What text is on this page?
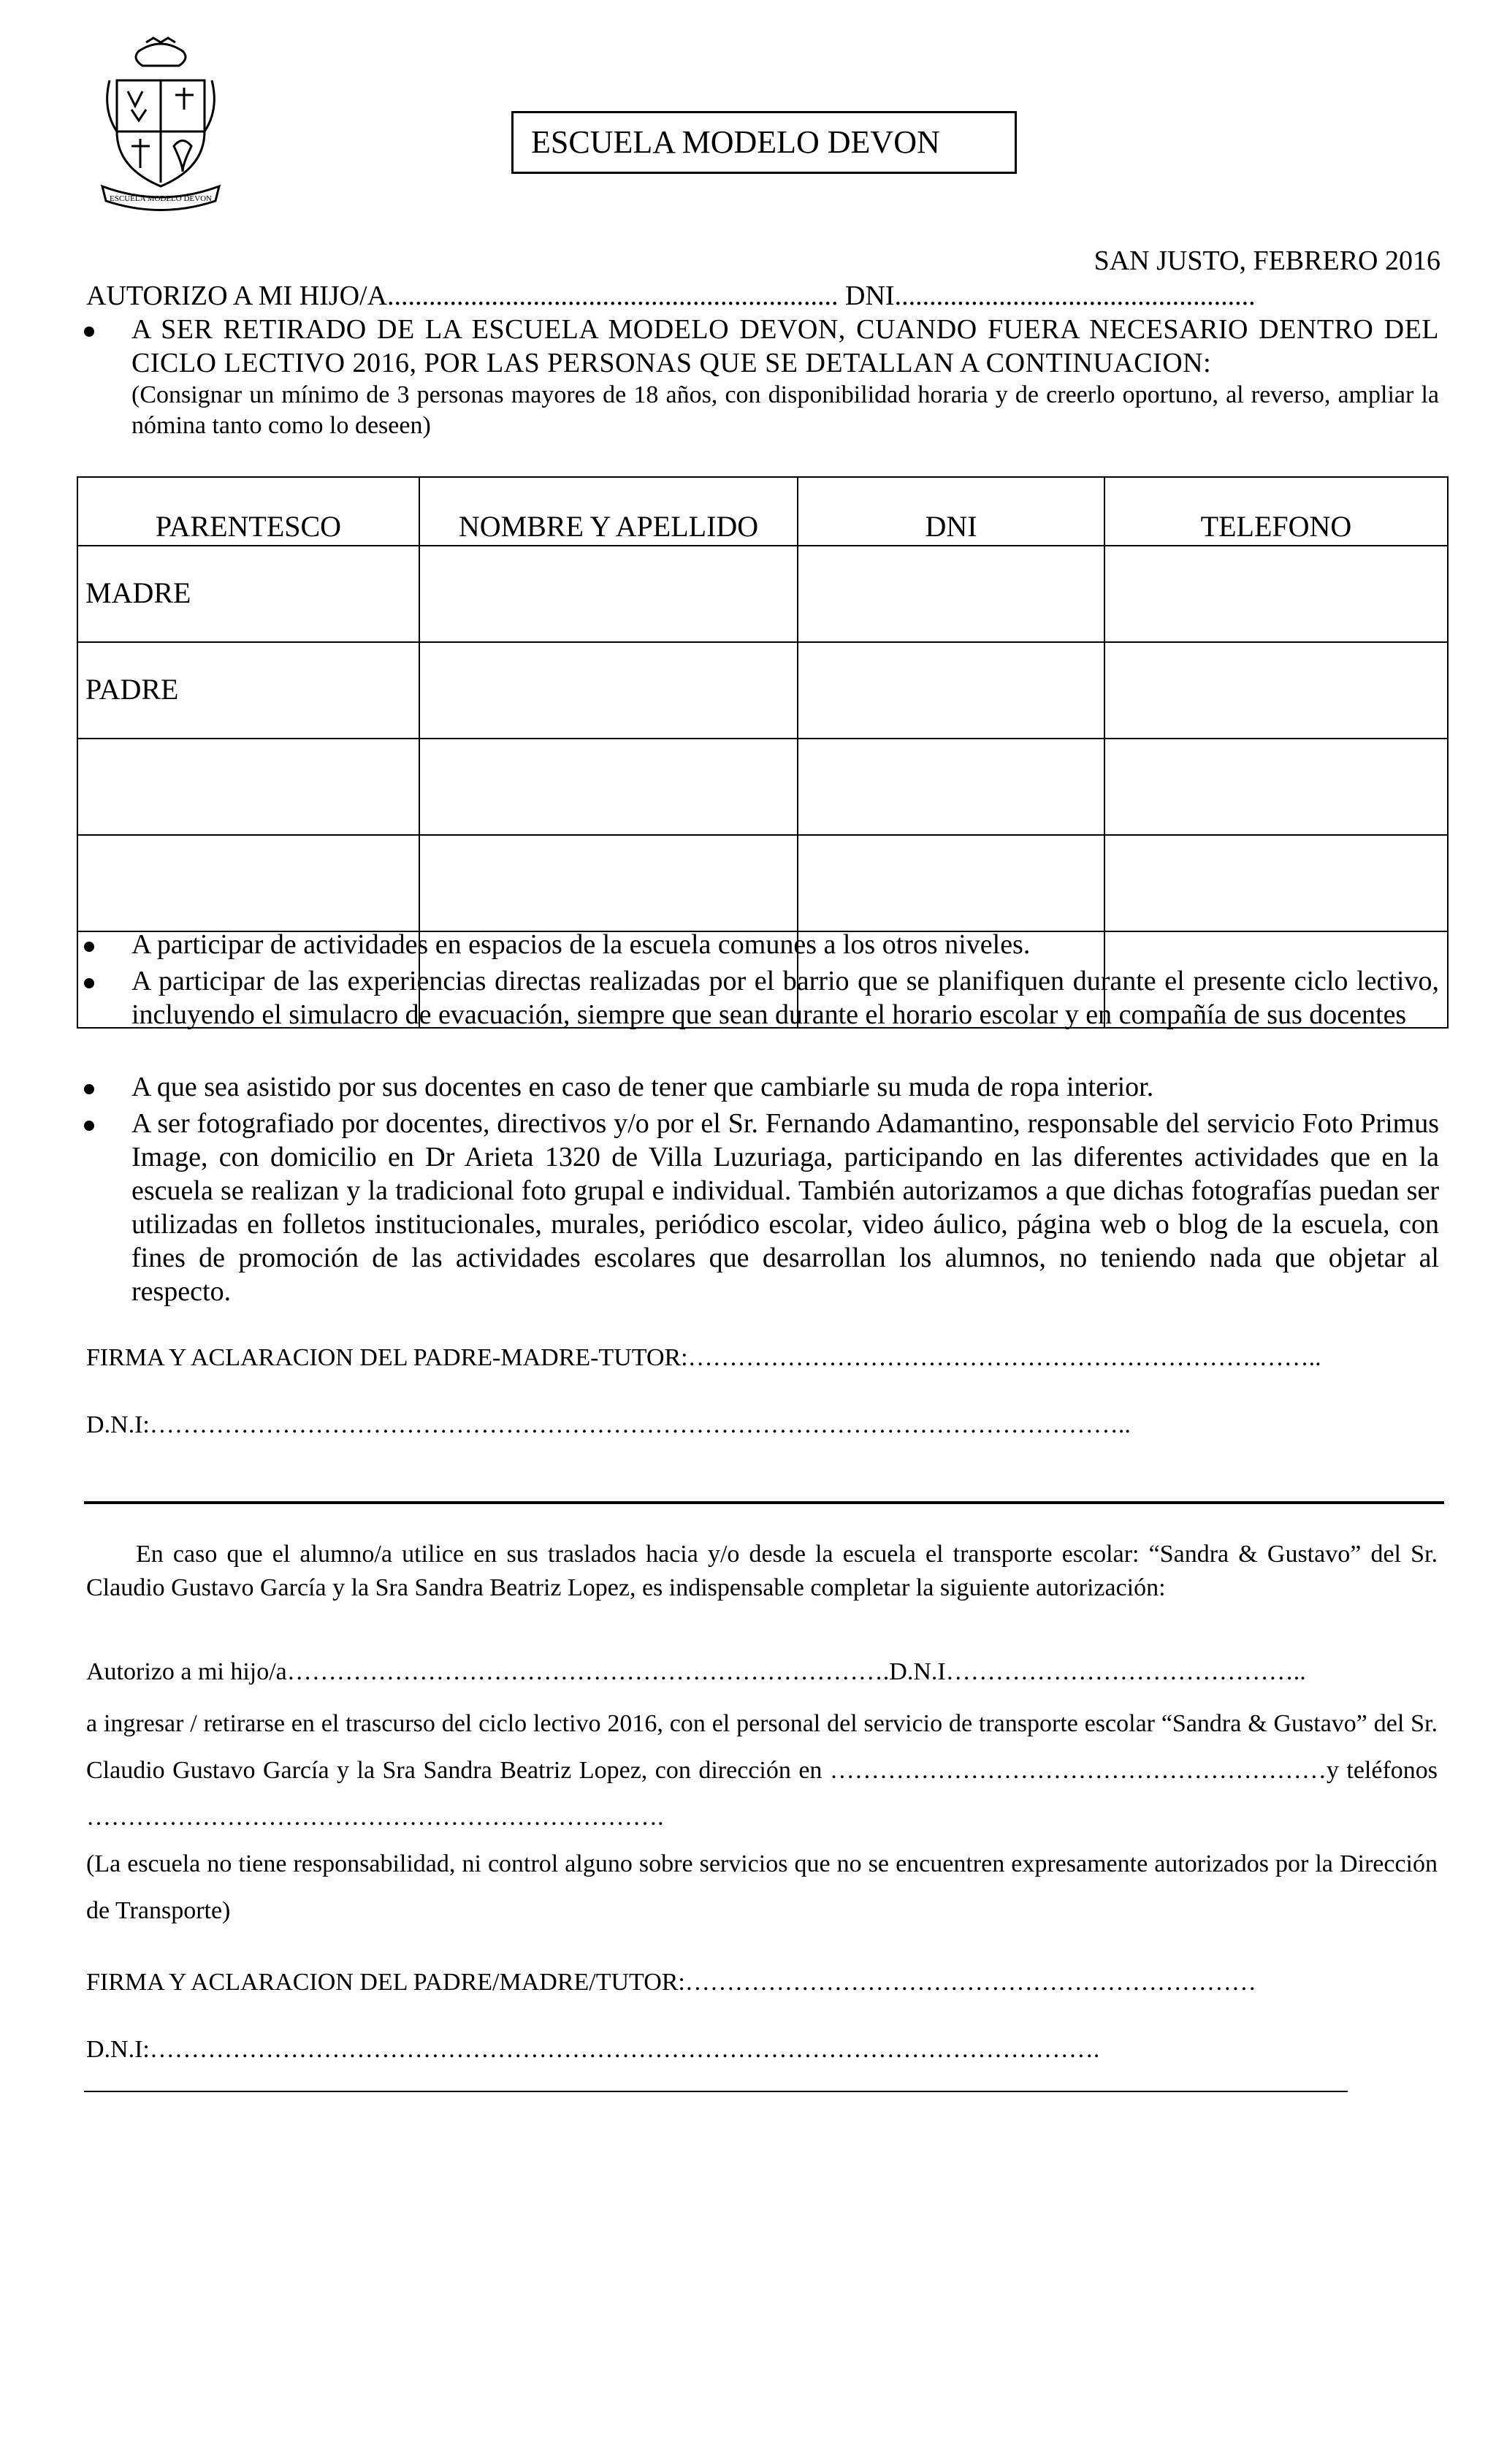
ESCUELA MODELO DEVON
ESCUELA MODELO DEVON
SAN JUSTO, FEBRERO 2016
AUTORIZO A MI HIJO/A................................................................. DNI....................................................
A SER RETIRADO DE LA ESCUELA MODELO DEVON, CUANDO FUERA NECESARIO DENTRO DEL CICLO LECTIVO 2016, POR LAS PERSONAS QUE SE DETALLAN A CONTINUACION:
(Consignar un mínimo de 3 personas mayores de 18 años, con disponibilidad horaria y de creerlo oportuno, al reverso, ampliar la nómina tanto como lo deseen)
PARENTESCO	NOMBRE Y APELLIDO	DNI	TELEFONO
MADRE			
PADRE			

A participar de actividades en espacios de la escuela comunes a los otros niveles.
A participar de las experiencias directas realizadas por el barrio que se planifiquen durante el presente ciclo lectivo, incluyendo el simulacro de evacuación, siempre que sean durante el horario escolar y en compañía de sus docentes
A que sea asistido por sus docentes en caso de tener que cambiarle su muda de ropa interior.
A ser fotografiado por docentes, directivos y/o por el Sr. Fernando Adamantino, responsable del servicio Foto Primus Image, con domicilio en Dr Arieta 1320 de Villa Luzuriaga, participando en las diferentes actividades que en la escuela se realizan y la tradicional foto grupal e individual. También autorizamos a que dichas fotografías puedan ser utilizadas en folletos institucionales, murales, periódico escolar, video áulico, página web o blog de la escuela, con fines de promoción de las actividades escolares que desarrollan los alumnos, no teniendo nada que objetar al respecto.
FIRMA Y ACLARACION DEL PADRE-MADRE-TUTOR:…………………………………………………………………..
D.N.I:………………………………………………………………………………………………………..
En caso que el alumno/a utilice en sus traslados hacia y/o desde la escuela el transporte escolar: “Sandra & Gustavo” del Sr. Claudio Gustavo García y la Sra Sandra Beatriz Lopez, es indispensable completar la siguiente autorización:
Autorizo a mi hijo/a……………………………………………………………….D.N.I……………………………………..
a ingresar / retirarse en el trascurso del ciclo lectivo 2016, con el personal del servicio de transporte escolar “Sandra & Gustavo” del Sr. Claudio Gustavo García y la Sra Sandra Beatriz Lopez, con dirección en ……………………………………………………y teléfonos …………………………………………………………….
(La escuela no tiene responsabilidad, ni control alguno sobre servicios que no se encuentren expresamente autorizados por la Dirección de Transporte)
FIRMA Y ACLARACION DEL PADRE/MADRE/TUTOR:……………………………………………………………
D.N.I:…………………………………………………………………………………………………….
